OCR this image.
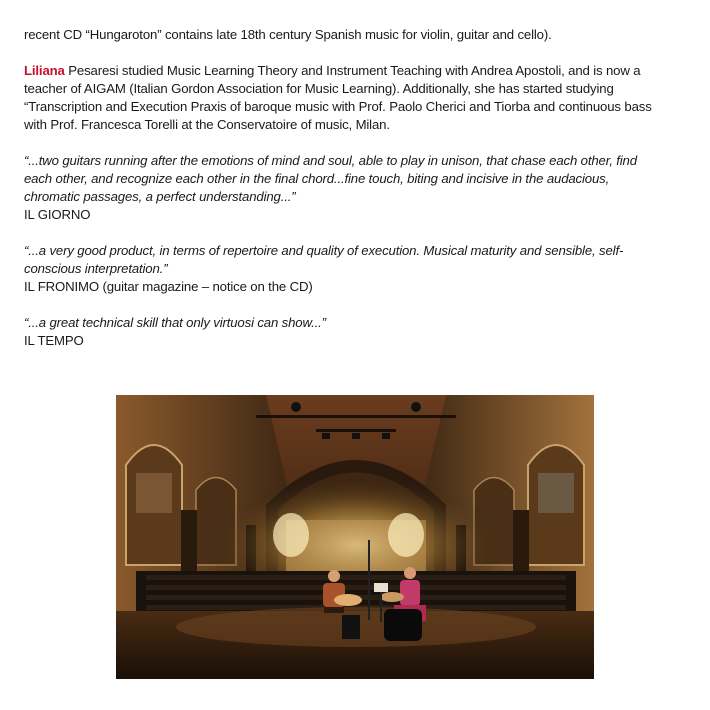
recent CD “Hungaroton” contains late 18th century Spanish music for violin, guitar and cello).

Liliana Pesaresi studied Music Learning Theory and Instrument Teaching with Andrea Apostoli, and is now a teacher of AIGAM (Italian Gordon Association for Music Learning). Additionally, she has started studying “Transcription and Execution Praxis of baroque music with Prof. Paolo Cherici and Tiorba and continuous bass with Prof. Francesca Torelli at the Conservatoire of music, Milan.

“...two guitars running after the emotions of mind and soul, able to play in unison, that chase each other, find each other, and recognize each other in the final chord...fine touch, biting and incisive in the audacious, chromatic passages, a perfect understanding...”

IL GIORNO

“...a very good product, in terms of repertoire and quality of execution. Musical maturity and sensible, self-conscious interpretation.”

IL FRONIMO (guitar magazine – notice on the CD)

“...a great technical skill that only virtuosi can show...”

IL TEMPO
